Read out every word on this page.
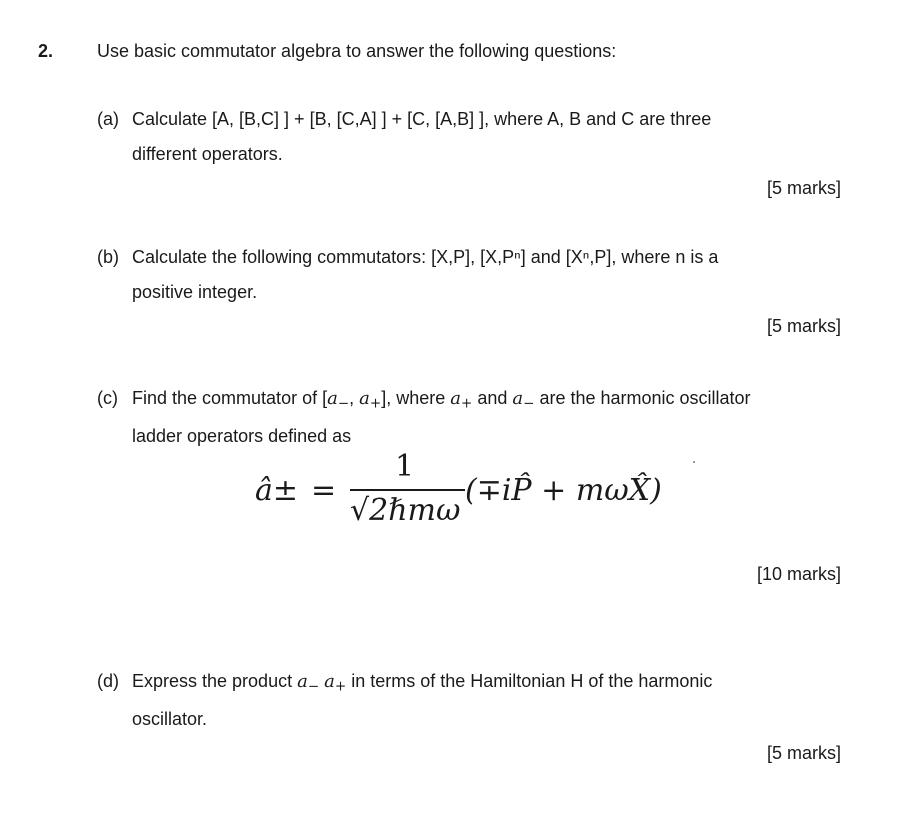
2. Use basic commutator algebra to answer the following questions:
(a) Calculate [A, [B,C] ] + [B, [C,A] ] + [C, [A,B] ], where A, B and C are three
different operators.
[5 marks]
(b) Calculate the following commutators: [X,P], [X,Pⁿ] and [Xⁿ,P], where n is a
positive integer.
[5 marks]
(c) Find the commutator of [$a_-$, $a_+$], where $a_+$ and $a_-$ are the harmonic oscillator
ladder operators defined as
â± =
1
√2ℏmω
(∓iP̂ + mωX̂)
[10 marks]
(d) Express the product $a_-$ $a_+$ in terms of the Hamiltonian H of the harmonic
oscillator.
[5 marks]
